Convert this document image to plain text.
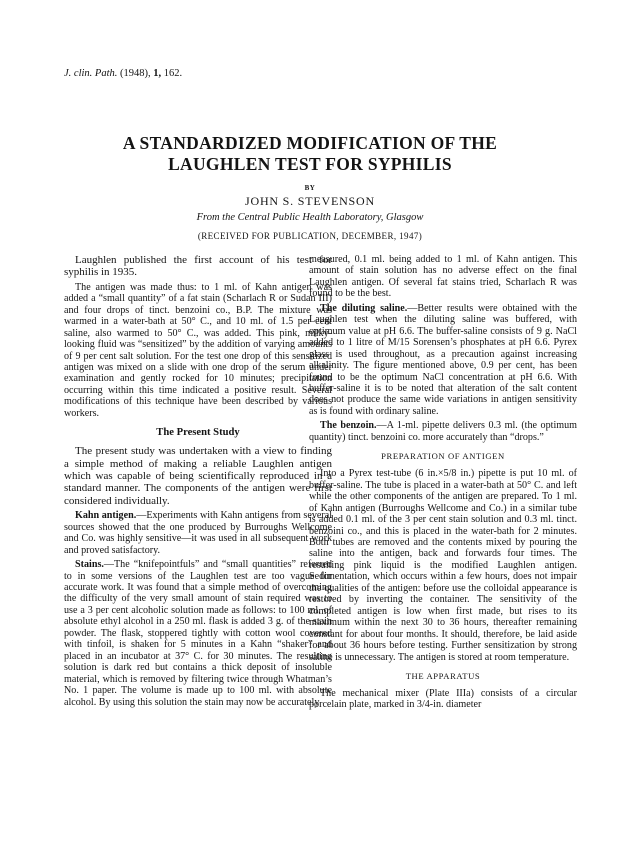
J. clin. Path. (1948), 1, 162.
A STANDARDIZED MODIFICATION OF THE
LAUGHLEN TEST FOR SYPHILIS
BY
JOHN S. STEVENSON
From the Central Public Health Laboratory, Glasgow
(RECEIVED FOR PUBLICATION, DECEMBER, 1947)

Laughlen published the first account of his test for syphilis in 1935.

The antigen was made thus: to 1 ml. of Kahn antigen was added a “small quantity” of a fat stain (Scharlach R or Sudan III) and four drops of tinct. benzoini co., B.P. The mixture was warmed in a water-bath at 50° C., and 10 ml. of 1.5 per cent saline, also warmed to 50° C., was added. This pink, milky-looking fluid was “sensitized” by the addition of varying amounts of 9 per cent salt solution. For the test one drop of this sensitized antigen was mixed on a slide with one drop of the serum under examination and gently rocked for 10 minutes; precipitation occurring within this time indicated a positive result. Several modifications of this technique have been described by various workers.

The Present Study

The present study was undertaken with a view to finding a simple method of making a reliable Laughlen antigen which was capable of being scientifically reproduced in a standard manner. The components of the antigen were first considered individually.

Kahn antigen.—Experiments with Kahn antigens from several sources showed that the one produced by Burroughs Wellcome and Co. was highly sensitive—it was used in all subsequent work and proved satisfactory.

Stains.—The “knifepointfuls” and “small quantities” referred to in some versions of the Laughlen test are too vague for accurate work. It was found that a simple method of overcoming the difficulty of the very small amount of stain required was to use a 3 per cent alcoholic solution made as follows: to 100 ml. of absolute ethyl alcohol in a 250 ml. flask is added 3 g. of the stain powder. The flask, stoppered tightly with cotton wool covered with tinfoil, is shaken for 5 minutes in a Kahn “shaker” and placed in an incubator at 37° C. for 30 minutes. The resulting solution is dark red but contains a thick deposit of insoluble material, which is removed by filtering twice through Whatman’s No. 1 paper. The volume is made up to 100 ml. with absolute alcohol. By using this solution the stain may now be accurately

measured, 0.1 ml. being added to 1 ml. of Kahn antigen. This amount of stain solution has no adverse effect on the final Laughlen antigen. Of several fat stains tried, Scharlach R was found to be the best.

The diluting saline.—Better results were obtained with the Laughlen test when the diluting saline was buffered, with optimum value at pH 6.6. The buffer-saline consists of 9 g. NaCl added to 1 litre of M/15 Sorensen’s phosphates at pH 6.6. Pyrex glass is used throughout, as a precaution against increasing alkalinity. The figure mentioned above, 0.9 per cent, has been found to be the optimum NaCl concentration at pH 6.6. With buffer-saline it is to be noted that alteration of the salt content does not produce the same wide variations in antigen sensitivity as is found with ordinary saline.

The benzoin.—A 1-ml. pipette delivers 0.3 ml. (the optimum quantity) tinct. benzoini co. more accurately than “drops.”

PREPARATION OF ANTIGEN

Into a Pyrex test-tube (6 in.×5/8 in.) pipette is put 10 ml. of buffer-saline. The tube is placed in a water-bath at 50° C. and left while the other components of the antigen are prepared. To 1 ml. of Kahn antigen (Burroughs Wellcome and Co.) in a similar tube is added 0.1 ml. of the 3 per cent stain solution and 0.3 ml. tinct. benzoini co., and this is placed in the water-bath for 2 minutes. Both tubes are removed and the contents mixed by pouring the saline into the antigen, back and forwards four times. The resulting pink liquid is the modified Laughlen antigen. Sedimentation, which occurs within a few hours, does not impair the qualities of the antigen: before use the colloidal appearance is restored by inverting the container. The sensitivity of the completed antigen is low when first made, but rises to its maximum within the next 30 to 36 hours, thereafter remaining constant for about four months. It should, therefore, be laid aside for about 36 hours before testing. Further sensitization by strong saline is unnecessary. The antigen is stored at room temperature.

THE APPARATUS

The mechanical mixer (Plate IIIa) consists of a circular porcelain plate, marked in 3/4-in. diameter
